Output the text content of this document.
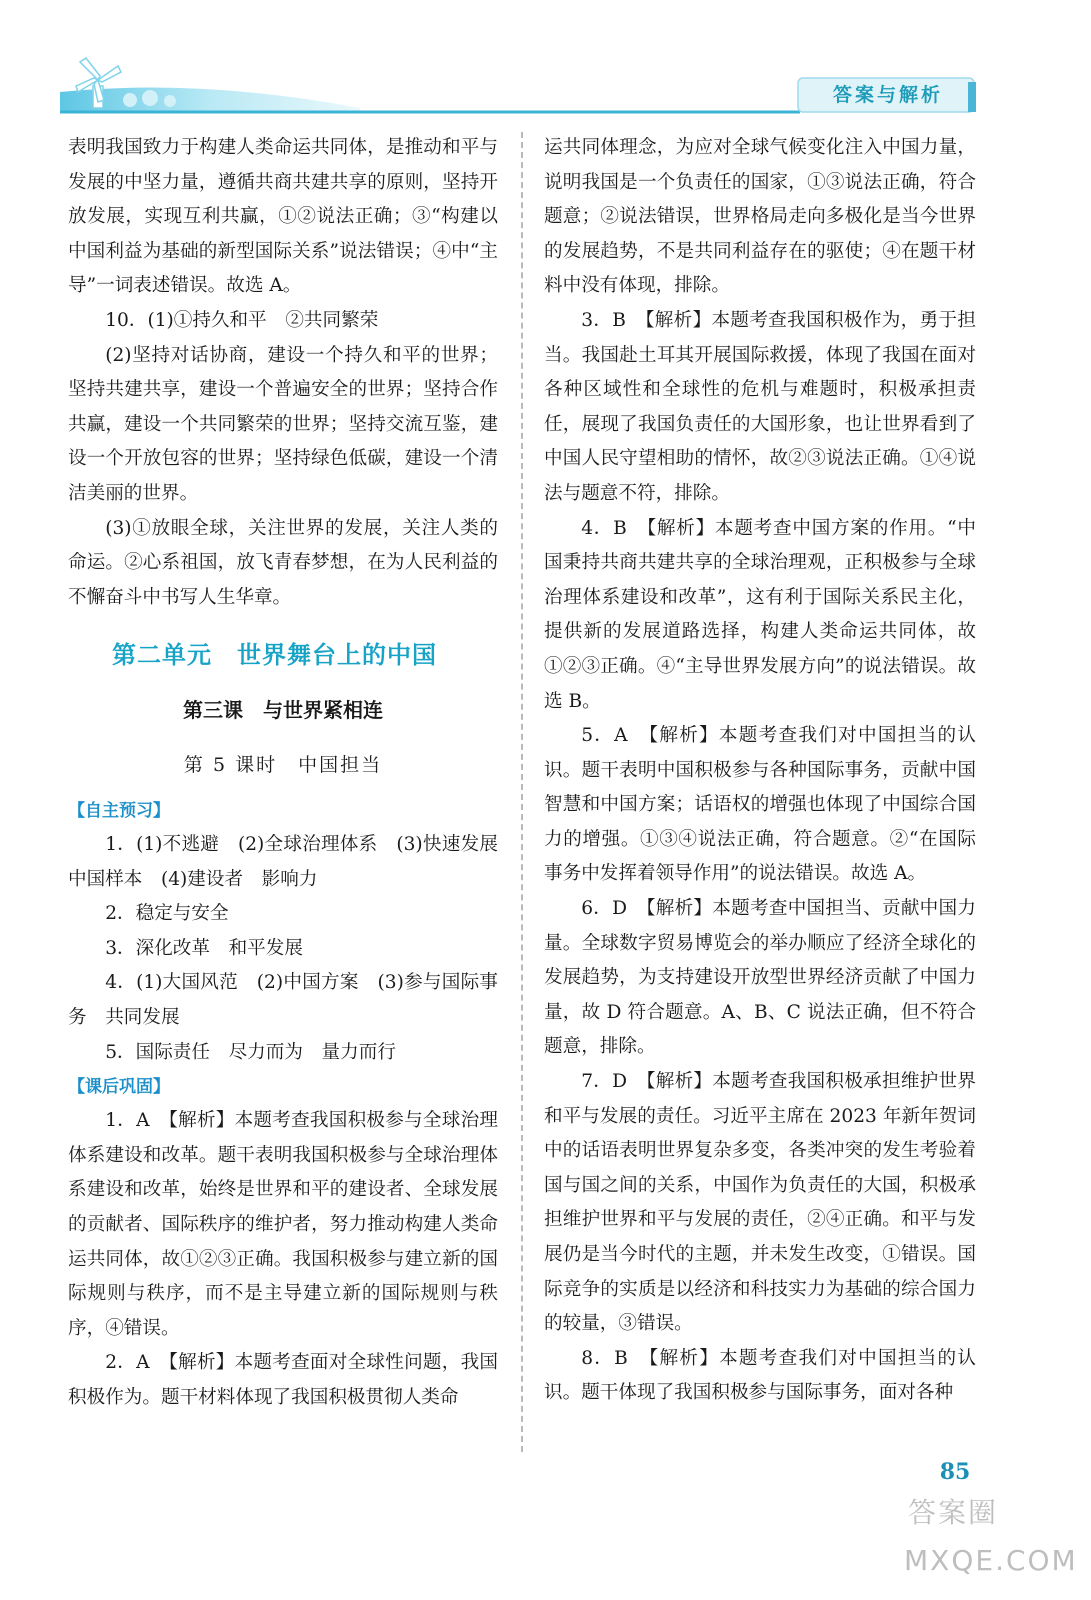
答案与解析

表明我国致力于构建人类命运共同体，是推动和平与发展的中坚力量，遵循共商共建共享的原则，坚持开放发展，实现互利共赢，①②说法正确；③“构建以中国利益为基础的新型国际关系”说法错误；④中“主导”一词表述错误。故选 A。

10．(1)①持久和平　②共同繁荣

(2)坚持对话协商，建设一个持久和平的世界；坚持共建共享，建设一个普遍安全的世界；坚持合作共赢，建设一个共同繁荣的世界；坚持交流互鉴，建设一个开放包容的世界；坚持绿色低碳，建设一个清洁美丽的世界。

(3)①放眼全球，关注世界的发展，关注人类的命运。②心系祖国，放飞青春梦想，在为人民利益的不懈奋斗中书写人生华章。

第二单元　世界舞台上的中国
第三课　与世界紧相连
第 5 课时　中国担当

【自主预习】

1．(1)不逃避　(2)全球治理体系　(3)快速发展　中国样本　(4)建设者　影响力

2．稳定与安全

3．深化改革　和平发展

4．(1)大国风范　(2)中国方案　(3)参与国际事务　共同发展

5．国际责任　尽力而为　量力而行

【课后巩固】

1．A　【解析】本题考查我国积极参与全球治理体系建设和改革。题干表明我国积极参与全球治理体系建设和改革，始终是世界和平的建设者、全球发展的贡献者、国际秩序的维护者，努力推动构建人类命运共同体，故①②③正确。我国积极参与建立新的国际规则与秩序，而不是主导建立新的国际规则与秩序，④错误。

2．A　【解析】本题考查面对全球性问题，我国积极作为。题干材料体现了我国积极贯彻人类命

运共同体理念，为应对全球气候变化注入中国力量，说明我国是一个负责任的国家，①③说法正确，符合题意；②说法错误，世界格局走向多极化是当今世界的发展趋势，不是共同利益存在的驱使；④在题干材料中没有体现，排除。

3．B　【解析】本题考查我国积极作为，勇于担当。我国赴土耳其开展国际救援，体现了我国在面对各种区域性和全球性的危机与难题时，积极承担责任，展现了我国负责任的大国形象，也让世界看到了中国人民守望相助的情怀，故②③说法正确。①④说法与题意不符，排除。

4．B　【解析】本题考查中国方案的作用。“中国秉持共商共建共享的全球治理观，正积极参与全球治理体系建设和改革”，这有利于国际关系民主化，提供新的发展道路选择，构建人类命运共同体，故①②③正确。④“主导世界发展方向”的说法错误。故选 B。

5．A　【解析】本题考查我们对中国担当的认识。题干表明中国积极参与各种国际事务，贡献中国智慧和中国方案；话语权的增强也体现了中国综合国力的增强。①③④说法正确，符合题意。②“在国际事务中发挥着领导作用”的说法错误。故选 A。

6．D　【解析】本题考查中国担当、贡献中国力量。全球数字贸易博览会的举办顺应了经济全球化的发展趋势，为支持建设开放型世界经济贡献了中国力量，故 D 符合题意。A、B、C 说法正确，但不符合题意，排除。

7．D　【解析】本题考查我国积极承担维护世界和平与发展的责任。习近平主席在 2023 年新年贺词中的话语表明世界复杂多变，各类冲突的发生考验着国与国之间的关系，中国作为负责任的大国，积极承担维护世界和平与发展的责任，②④正确。和平与发展仍是当今时代的主题，并未发生改变，①错误。国际竞争的实质是以经济和科技实力为基础的综合国力的较量，③错误。

8．B　【解析】本题考查我们对中国担当的认识。题干体现了我国积极参与国际事务，面对各种

85
答案圈
MXQE.COM
